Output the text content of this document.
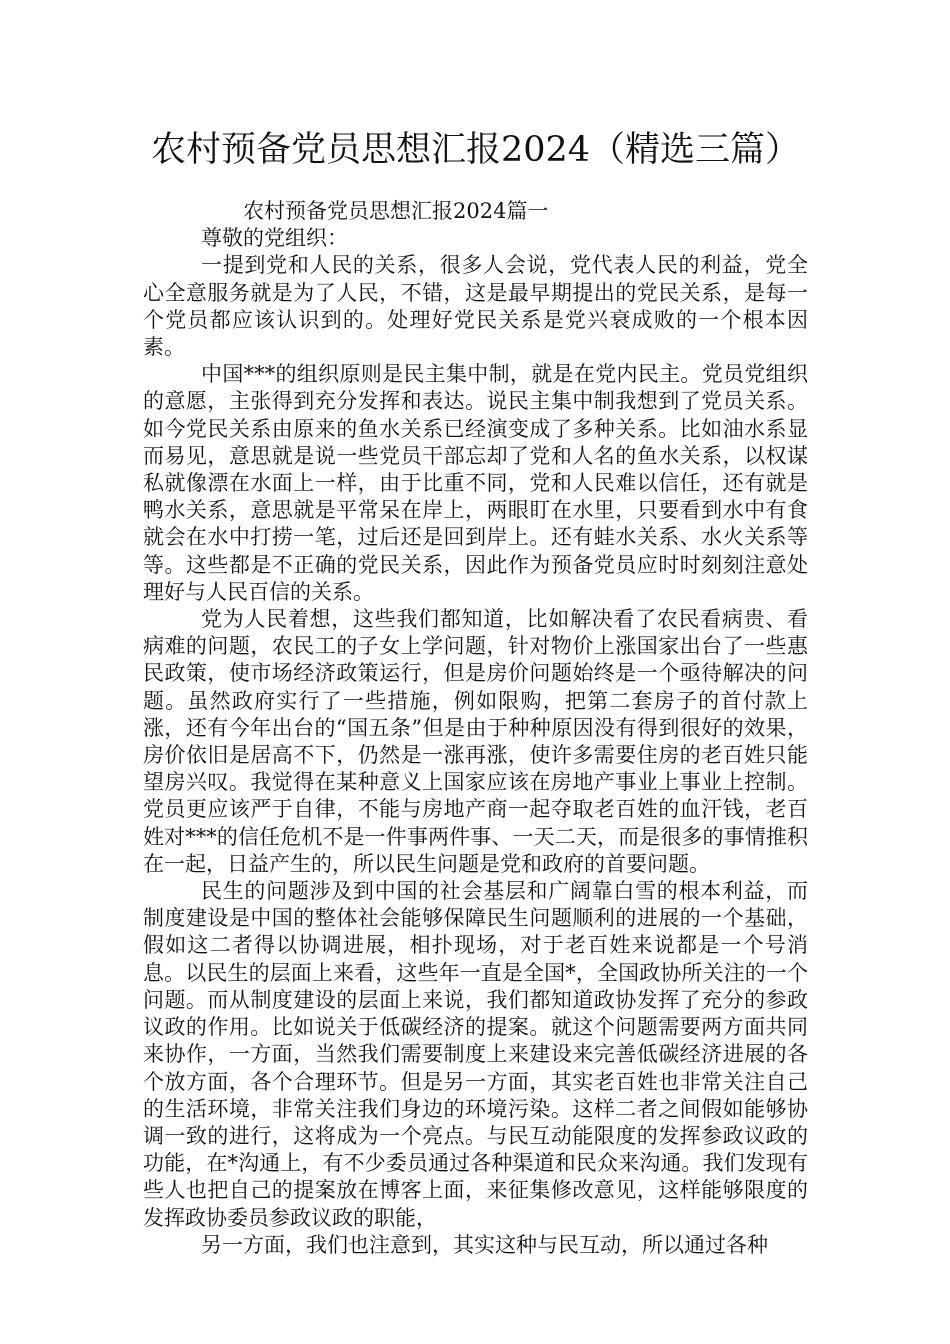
农村预备党员思想汇报2024（精选三篇）

农村预备党员思想汇报2024篇一

尊敬的党组织：

一提到党和人民的关系，很多人会说，党代表人民的利益，党全心全意服务就是为了人民，不错，这是最早期提出的党民关系，是每一个党员都应该认识到的。处理好党民关系是党兴衰成败的一个根本因素。

中国***的组织原则是民主集中制，就是在党内民主。党员党组织的意愿，主张得到充分发挥和表达。说民主集中制我想到了党员关系。如今党民关系由原来的鱼水关系已经演变成了多种关系。比如油水系显而易见，意思就是说一些党员干部忘却了党和人名的鱼水关系，以权谋私就像漂在水面上一样，由于比重不同，党和人民难以信任，还有就是鸭水关系，意思就是平常呆在岸上，两眼盯在水里，只要看到水中有食就会在水中打捞一笔，过后还是回到岸上。还有蛙水关系、水火关系等等。这些都是不正确的党民关系，因此作为预备党员应时时刻刻注意处理好与人民百信的关系。

党为人民着想，这些我们都知道，比如解决看了农民看病贵、看病难的问题，农民工的子女上学问题，针对物价上涨国家出台了一些惠民政策，使市场经济政策运行，但是房价问题始终是一个亟待解决的问题。虽然政府实行了一些措施，例如限购，把第二套房子的首付款上涨，还有今年出台的“国五条”但是由于种种原因没有得到很好的效果，房价依旧是居高不下，仍然是一涨再涨，使许多需要住房的老百姓只能望房兴叹。我觉得在某种意义上国家应该在房地产事业上事业上控制。党员更应该严于自律，不能与房地产商一起夺取老百姓的血汗钱，老百姓对***的信任危机不是一件事两件事、一天二天，而是很多的事情推积在一起，日益产生的，所以民生问题是党和政府的首要问题。

民生的问题涉及到中国的社会基层和广阔靠白雪的根本利益，而制度建设是中国的整体社会能够保障民生问题顺利的进展的一个基础，假如这二者得以协调进展，相扑现场，对于老百姓来说都是一个号消息。以民生的层面上来看，这些年一直是全国*，全国政协所关注的一个问题。而从制度建设的层面上来说，我们都知道政协发挥了充分的参政议政的作用。比如说关于低碳经济的提案。就这个问题需要两方面共同来协作，一方面，当然我们需要制度上来建设来完善低碳经济进展的各个放方面，各个合理环节。但是另一方面，其实老百姓也非常关注自己的生活环境，非常关注我们身边的环境污染。这样二者之间假如能够协调一致的进行，这将成为一个亮点。与民互动能限度的发挥参政议政的功能，在*沟通上，有不少委员通过各种渠道和民众来沟通。我们发现有些人也把自己的提案放在博客上面，来征集修改意见，这样能够限度的发挥政协委员参政议政的职能，

另一方面，我们也注意到，其实这种与民互动，所以通过各种
